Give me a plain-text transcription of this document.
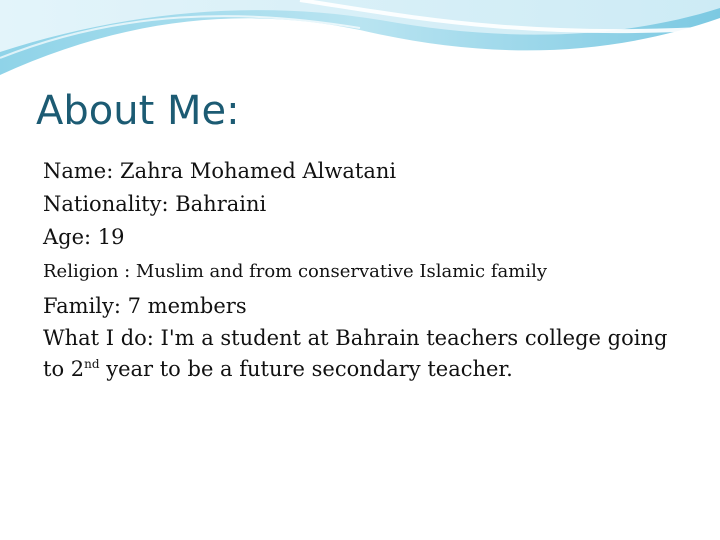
About Me:

Name: Zahra Mohamed Alwatani

Nationality: Bahraini

Age: 19

Religion : Muslim and from conservative Islamic family

Family: 7 members

What I do: I'm a student at Bahrain teachers college going to 2nd year to be a future secondary teacher.
